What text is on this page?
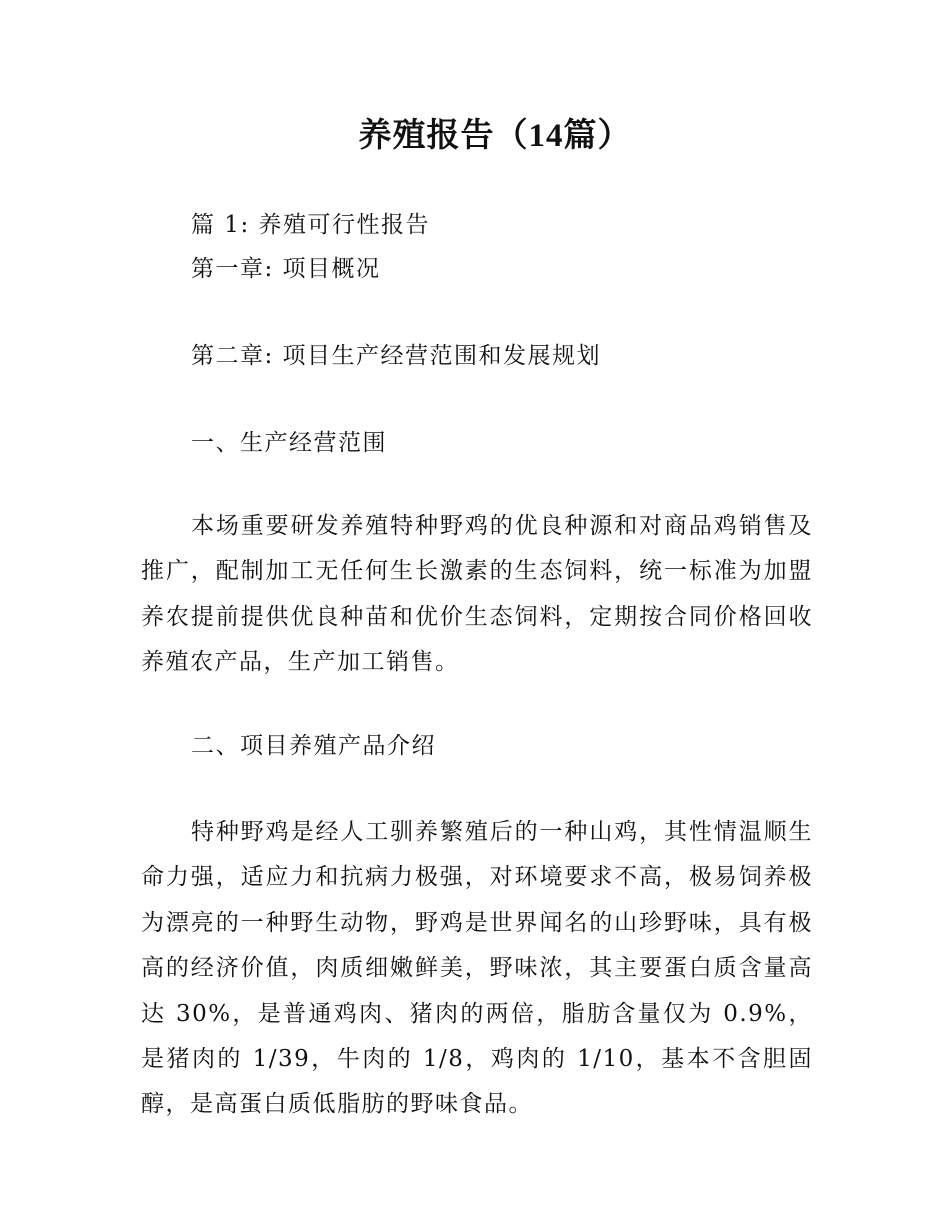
养殖报告（14篇）

篇 1: 养殖可行性报告

第一章: 项目概况

第二章: 项目生产经营范围和发展规划

一、生产经营范围

本场重要研发养殖特种野鸡的优良种源和对商品鸡销售及推广，配制加工无任何生长激素的生态饲料，统一标准为加盟养农提前提供优良种苗和优价生态饲料，定期按合同价格回收养殖农产品，生产加工销售。

二、项目养殖产品介绍

特种野鸡是经人工驯养繁殖后的一种山鸡，其性情温顺生命力强，适应力和抗病力极强，对环境要求不高，极易饲养极为漂亮的一种野生动物，野鸡是世界闻名的山珍野味，具有极高的经济价值，肉质细嫩鲜美，野味浓，其主要蛋白质含量高达 30%，是普通鸡肉、猪肉的两倍，脂肪含量仅为 0.9%，是猪肉的 1/39，牛肉的 1/8，鸡肉的 1/10，基本不含胆固醇，是高蛋白质低脂肪的野味食品。
